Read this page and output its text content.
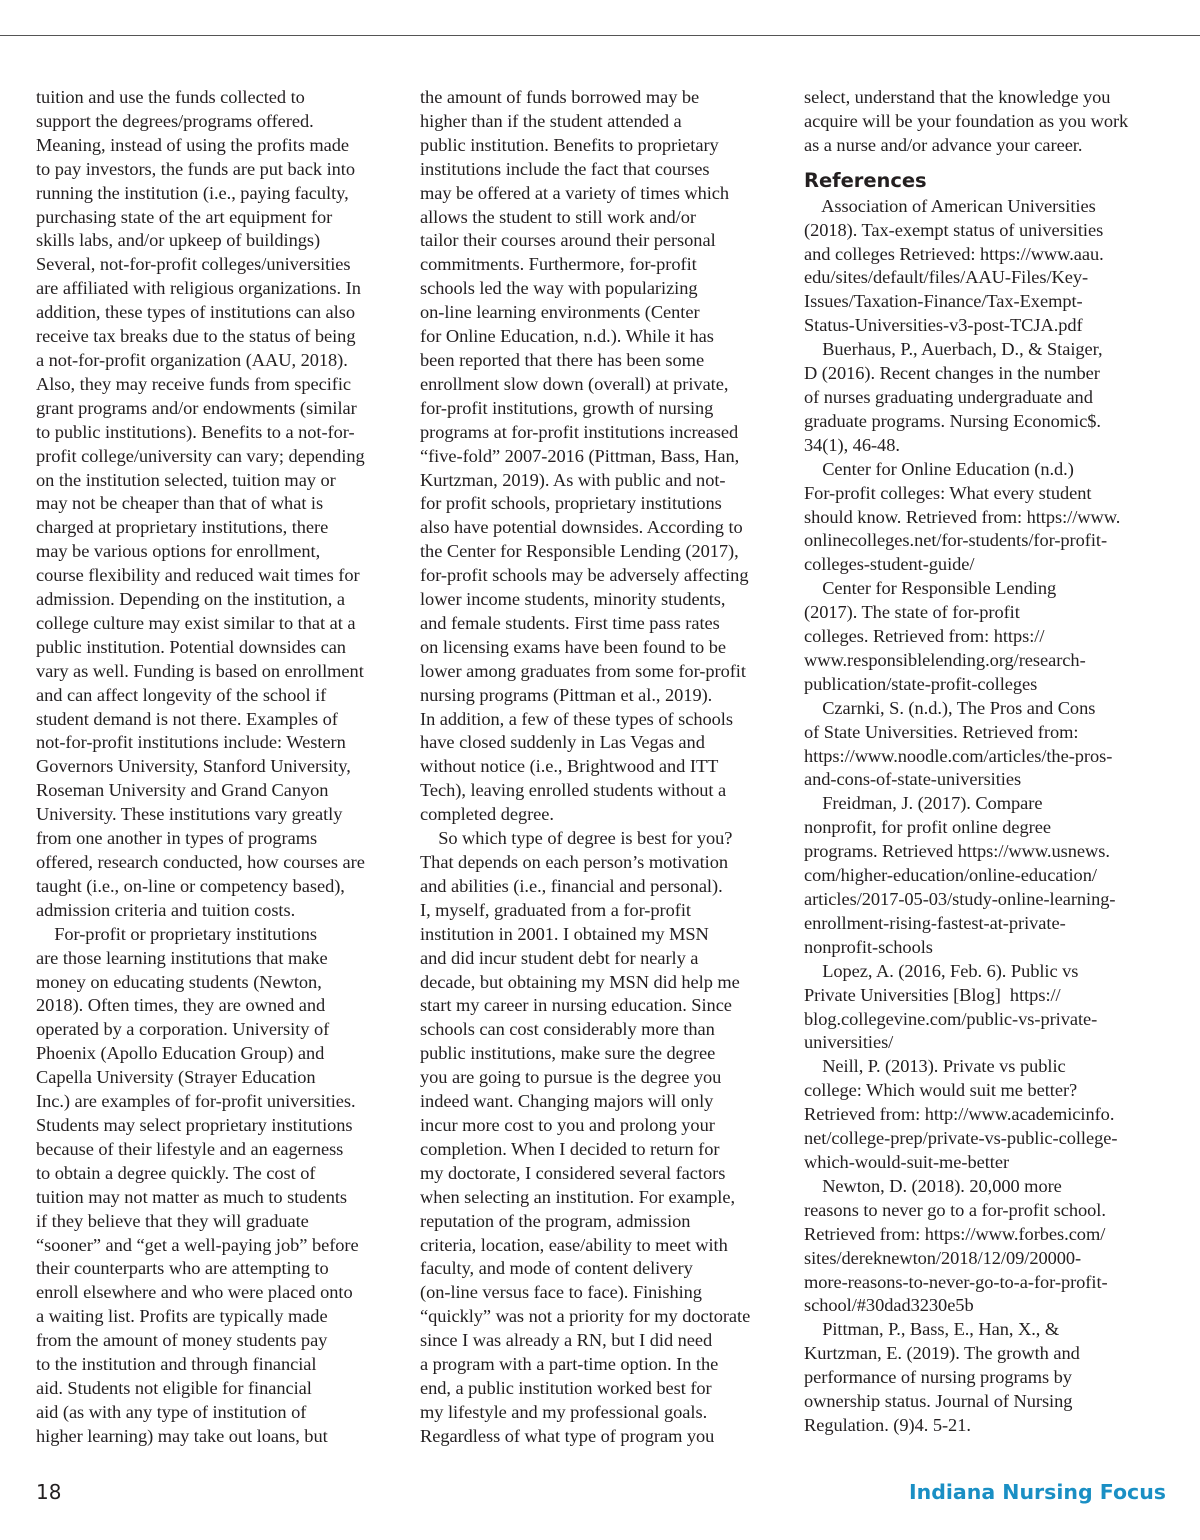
tuition and use the funds collected to
support the degrees/programs offered.
Meaning, instead of using the profits made
to pay investors, the funds are put back into
running the institution (i.e., paying faculty,
purchasing state of the art equipment for
skills labs, and/or upkeep of buildings)
Several, not-for-profit colleges/universities
are affiliated with religious organizations. In
addition, these types of institutions can also
receive tax breaks due to the status of being
a not-for-profit organization (AAU, 2018).
Also, they may receive funds from specific
grant programs and/or endowments (similar
to public institutions). Benefits to a not-for-
profit college/university can vary; depending
on the institution selected, tuition may or
may not be cheaper than that of what is
charged at proprietary institutions, there
may be various options for enrollment,
course flexibility and reduced wait times for
admission. Depending on the institution, a
college culture may exist similar to that at a
public institution. Potential downsides can
vary as well. Funding is based on enrollment
and can affect longevity of the school if
student demand is not there. Examples of
not-for-profit institutions include: Western
Governors University, Stanford University,
Roseman University and Grand Canyon
University. These institutions vary greatly
from one another in types of programs
offered, research conducted, how courses are
taught (i.e., on-line or competency based),
admission criteria and tuition costs.
For-profit or proprietary institutions
are those learning institutions that make
money on educating students (Newton,
2018). Often times, they are owned and
operated by a corporation. University of
Phoenix (Apollo Education Group) and
Capella University (Strayer Education
Inc.) are examples of for-profit universities.
Students may select proprietary institutions
because of their lifestyle and an eagerness
to obtain a degree quickly. The cost of
tuition may not matter as much to students
if they believe that they will graduate
“sooner” and “get a well-paying job” before
their counterparts who are attempting to
enroll elsewhere and who were placed onto
a waiting list. Profits are typically made
from the amount of money students pay
to the institution and through financial
aid. Students not eligible for financial
aid (as with any type of institution of
higher learning) may take out loans, but
the amount of funds borrowed may be
higher than if the student attended a
public institution. Benefits to proprietary
institutions include the fact that courses
may be offered at a variety of times which
allows the student to still work and/or
tailor their courses around their personal
commitments. Furthermore, for-profit
schools led the way with popularizing
on-line learning environments (Center
for Online Education, n.d.). While it has
been reported that there has been some
enrollment slow down (overall) at private,
for-profit institutions, growth of nursing
programs at for-profit institutions increased
“five-fold” 2007-2016 (Pittman, Bass, Han,
Kurtzman, 2019). As with public and not-
for profit schools, proprietary institutions
also have potential downsides. According to
the Center for Responsible Lending (2017),
for-profit schools may be adversely affecting
lower income students, minority students,
and female students. First time pass rates
on licensing exams have been found to be
lower among graduates from some for-profit
nursing programs (Pittman et al., 2019).
In addition, a few of these types of schools
have closed suddenly in Las Vegas and
without notice (i.e., Brightwood and ITT
Tech), leaving enrolled students without a
completed degree.
So which type of degree is best for you?
That depends on each person’s motivation
and abilities (i.e., financial and personal).
I, myself, graduated from a for-profit
institution in 2001. I obtained my MSN
and did incur student debt for nearly a
decade, but obtaining my MSN did help me
start my career in nursing education. Since
schools can cost considerably more than
public institutions, make sure the degree
you are going to pursue is the degree you
indeed want. Changing majors will only
incur more cost to you and prolong your
completion. When I decided to return for
my doctorate, I considered several factors
when selecting an institution. For example,
reputation of the program, admission
criteria, location, ease/ability to meet with
faculty, and mode of content delivery
(on-line versus face to face). Finishing
“quickly” was not a priority for my doctorate
since I was already a RN, but I did need
a program with a part-time option. In the
end, a public institution worked best for
my lifestyle and my professional goals.
Regardless of what type of program you
select, understand that the knowledge you
acquire will be your foundation as you work
as a nurse and/or advance your career.
References
Association of American Universities
(2018). Tax-exempt status of universities
and colleges Retrieved: https://www.aau.
edu/sites/default/files/AAU-Files/Key-
Issues/Taxation-Finance/Tax-Exempt-
Status-Universities-v3-post-TCJA.pdf
Buerhaus, P., Auerbach, D., & Staiger,
D (2016). Recent changes in the number
of nurses graduating undergraduate and
graduate programs. Nursing Economic$.
34(1), 46-48.
Center for Online Education (n.d.)
For-profit colleges: What every student
should know. Retrieved from: https://www.
onlinecolleges.net/for-students/for-profit-
colleges-student-guide/
Center for Responsible Lending
(2017). The state of for-profit
colleges. Retrieved from: https://
www.responsiblelending.org/research-
publication/state-profit-colleges
Czarnki, S. (n.d.), The Pros and Cons
of State Universities. Retrieved from:
https://www.noodle.com/articles/the-pros-
and-cons-of-state-universities
Freidman, J. (2017). Compare
nonprofit, for profit online degree
programs. Retrieved https://www.usnews.
com/higher-education/online-education/
articles/2017-05-03/study-online-learning-
enrollment-rising-fastest-at-private-
nonprofit-schools
Lopez, A. (2016, Feb. 6). Public vs
Private Universities [Blog]  https://
blog.collegevine.com/public-vs-private-
universities/
Neill, P. (2013). Private vs public
college: Which would suit me better?
Retrieved from: http://www.academicinfo.
net/college-prep/private-vs-public-college-
which-would-suit-me-better
Newton, D. (2018). 20,000 more
reasons to never go to a for-profit school.
Retrieved from: https://www.forbes.com/
sites/dereknewton/2018/12/09/20000-
more-reasons-to-never-go-to-a-for-profit-
school/#30dad3230e5b
Pittman, P., Bass, E., Han, X., &
Kurtzman, E. (2019). The growth and
performance of nursing programs by
ownership status. Journal of Nursing
Regulation. (9)4. 5-21.
18	Indiana Nursing Focus
